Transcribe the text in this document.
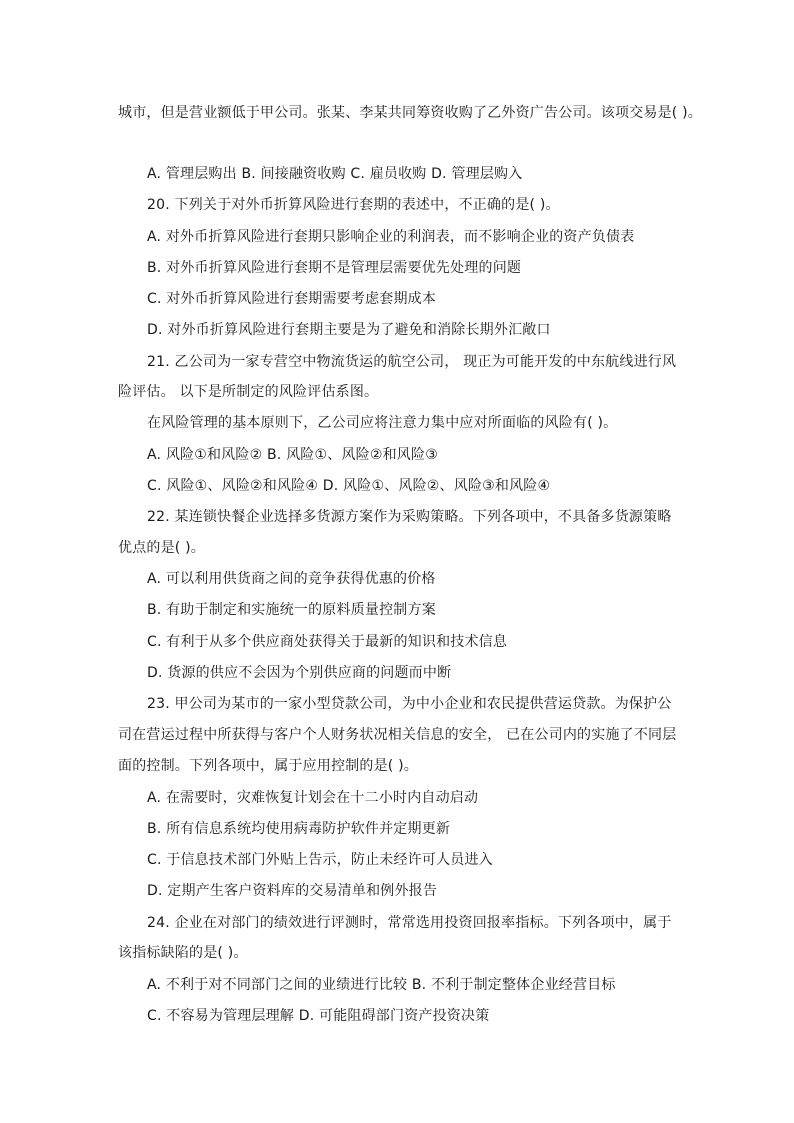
城市，但是营业额低于甲公司。张某、李某共同筹资收购了乙外资广告公司。该项交易是( )。
A. 管理层购出 B. 间接融资收购 C. 雇员收购 D. 管理层购入
20. 下列关于对外币折算风险进行套期的表述中，不正确的是( )。
A. 对外币折算风险进行套期只影响企业的利润表，而不影响企业的资产负债表
B. 对外币折算风险进行套期不是管理层需要优先处理的问题
C. 对外币折算风险进行套期需要考虑套期成本
D. 对外币折算风险进行套期主要是为了避免和消除长期外汇敞口
21. 乙公司为一家专营空中物流货运的航空公司， 现正为可能开发的中东航线进行风
险评估。 以下是所制定的风险评估系图。
在风险管理的基本原则下，乙公司应将注意力集中应对所面临的风险有( )。
A. 风险①和风险② B. 风险①、风险②和风险③
C. 风险①、风险②和风险④ D. 风险①、风险②、风险③和风险④
22. 某连锁快餐企业选择多货源方案作为采购策略。下列各项中，不具备多货源策略
优点的是( )。
A. 可以利用供货商之间的竞争获得优惠的价格
B. 有助于制定和实施统一的原料质量控制方案
C. 有利于从多个供应商处获得关于最新的知识和技术信息
D. 货源的供应不会因为个别供应商的问题而中断
23. 甲公司为某市的一家小型贷款公司，为中小企业和农民提供营运贷款。为保护公
司在营运过程中所获得与客户个人财务状况相关信息的安全， 已在公司内的实施了不同层
面的控制。下列各项中，属于应用控制的是( )。
A. 在需要时，灾难恢复计划会在十二小时内自动启动
B. 所有信息系统均使用病毒防护软件并定期更新
C. 于信息技术部门外贴上告示，防止未经许可人员进入
D. 定期产生客户资料库的交易清单和例外报告
24. 企业在对部门的绩效进行评测时，常常选用投资回报率指标。下列各项中，属于
该指标缺陷的是( )。
A. 不利于对不同部门之间的业绩进行比较 B. 不利于制定整体企业经营目标
C. 不容易为管理层理解 D. 可能阻碍部门资产投资决策
